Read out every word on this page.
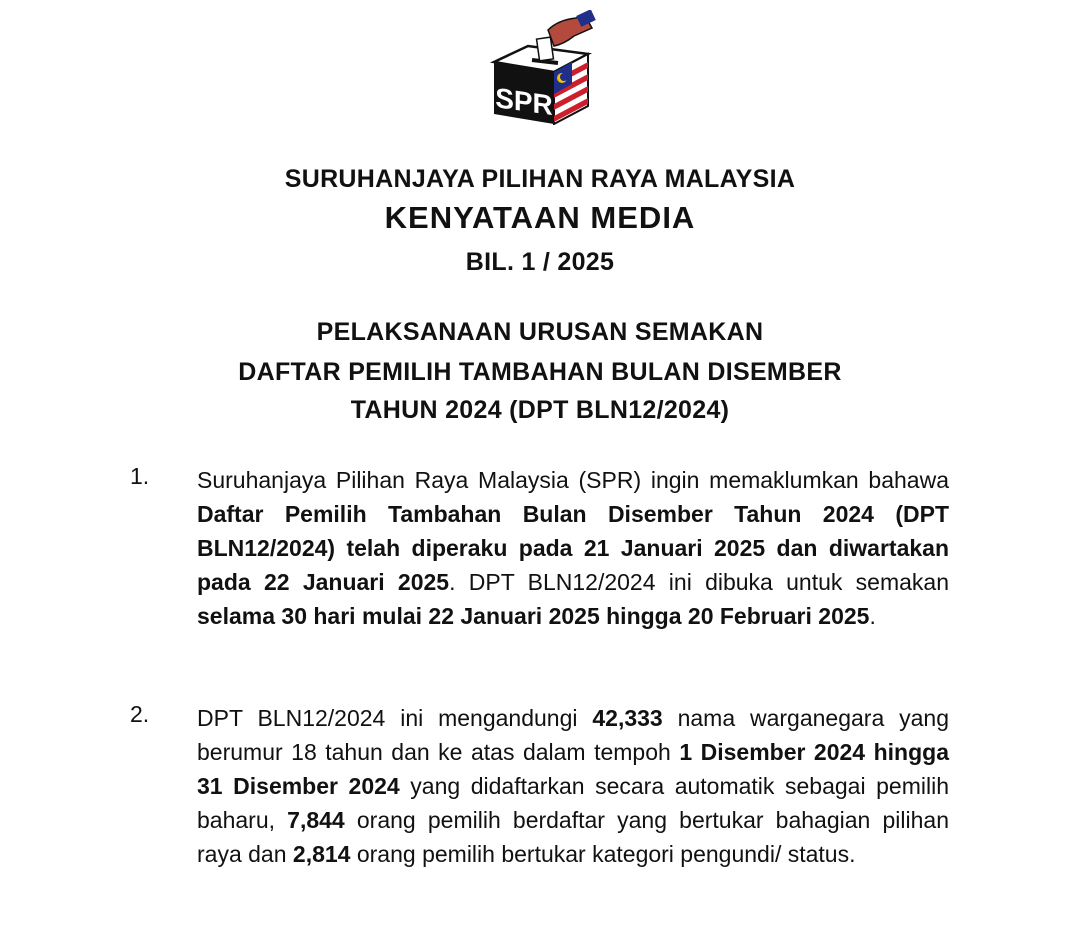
SPR
SURUHANJAYA PILIHAN RAYA MALAYSIA
KENYATAAN MEDIA
BIL. 1 / 2025
PELAKSANAAN URUSAN SEMAKAN
DAFTAR PEMILIH TAMBAHAN BULAN DISEMBER
TAHUN 2024 (DPT BLN12/2024)
1. Suruhanjaya Pilihan Raya Malaysia (SPR) ingin memaklumkan bahawa Daftar Pemilih Tambahan Bulan Disember Tahun 2024 (DPT BLN12/2024) telah diperaku pada 21 Januari 2025 dan diwartakan pada 22 Januari 2025. DPT BLN12/2024 ini dibuka untuk semakan selama 30 hari mulai 22 Januari 2025 hingga 20 Februari 2025.

2. DPT BLN12/2024 ini mengandungi 42,333 nama warganegara yang berumur 18 tahun dan ke atas dalam tempoh 1 Disember 2024 hingga 31 Disember 2024 yang didaftarkan secara automatik sebagai pemilih baharu, 7,844 orang pemilih berdaftar yang bertukar bahagian pilihan raya dan 2,814 orang pemilih bertukar kategori pengundi/ status.
